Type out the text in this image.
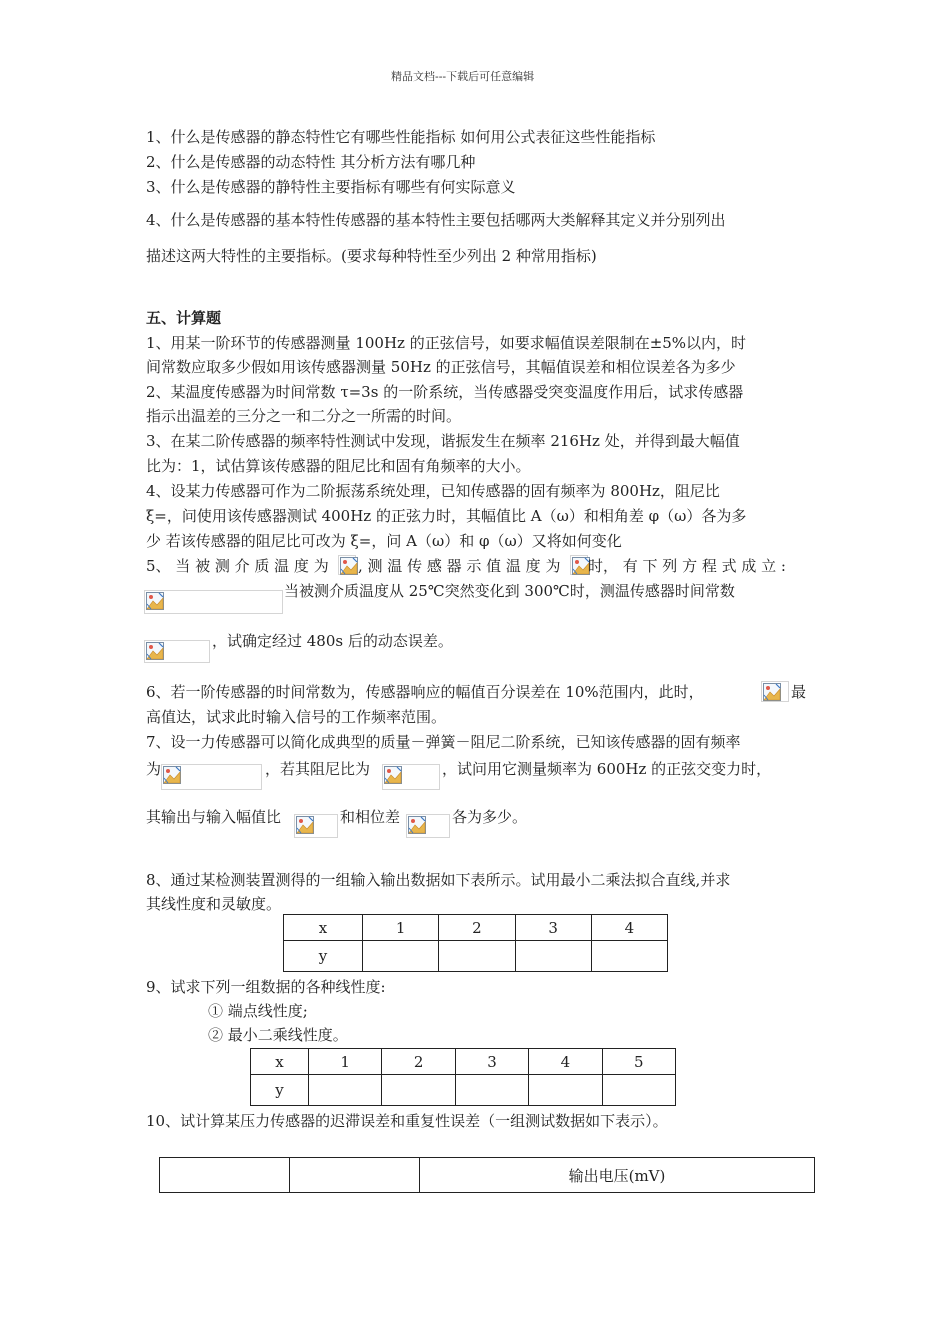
精品文档---下载后可任意编辑
1、什么是传感器的静态特性它有哪些性能指标 如何用公式表征这些性能指标
2、什么是传感器的动态特性 其分析方法有哪几种
3、什么是传感器的静特性主要指标有哪些有何实际意义
4、什么是传感器的基本特性传感器的基本特性主要包括哪两大类解释其定义并分别列出
描述这两大特性的主要指标。(要求每种特性至少列出 2 种常用指标)
五、计算题
1、用某一阶环节的传感器测量 100Hz 的正弦信号，如要求幅值误差限制在±5%以内，时
间常数应取多少假如用该传感器测量 50Hz 的正弦信号，其幅值误差和相位误差各为多少
2、某温度传感器为时间常数 τ=3s 的一阶系统，当传感器受突变温度作用后，试求传感器
指示出温差的三分之一和二分之一所需的时间。
3、在某二阶传感器的频率特性测试中发现，谐振发生在频率 216Hz 处，并得到最大幅值
比为：1，试估算该传感器的阻尼比和固有角频率的大小。
4、设某力传感器可作为二阶振荡系统处理，已知传感器的固有频率为 800Hz，阻尼比
ξ=，问使用该传感器测试 400Hz 的正弦力时，其幅值比 A（ω）和相角差 φ（ω）各为多
少 若该传感器的阻尼比可改为 ξ=，问 A（ω）和 φ（ω）又将如何变化
5、 当 被 测 介 质 温 度 为 , 测 温 传 感 器 示 值 温 度 为 时， 有 下 列 方 程 式 成 立 :
当被测介质温度从 25℃突然变化到 300℃时，测温传感器时间常数
，试确定经过 480s 后的动态误差。
6、若一阶传感器的时间常数为，传感器响应的幅值百分误差在 10%范围内，此时，	最
高值达，试求此时输入信号的工作频率范围。
7、设一力传感器可以简化成典型的质量－弹簧－阻尼二阶系统，已知该传感器的固有频率
为	，若其阻尼比为	，试问用它测量频率为 600Hz 的正弦交变力时，
其输出与输入幅值比	和相位差	各为多少。
8、通过某检测装置测得的一组输入输出数据如下表所示。试用最小二乘法拟合直线,并求
其线性度和灵敏度。
x	1	2	3	4
y				
9、试求下列一组数据的各种线性度:
① 端点线性度;
② 最小二乘线性度。
x	1	2	3	4	5
y					
10、试计算某压力传感器的迟滞误差和重复性误差（一组测试数据如下表示）。
		输出电压(mV)
